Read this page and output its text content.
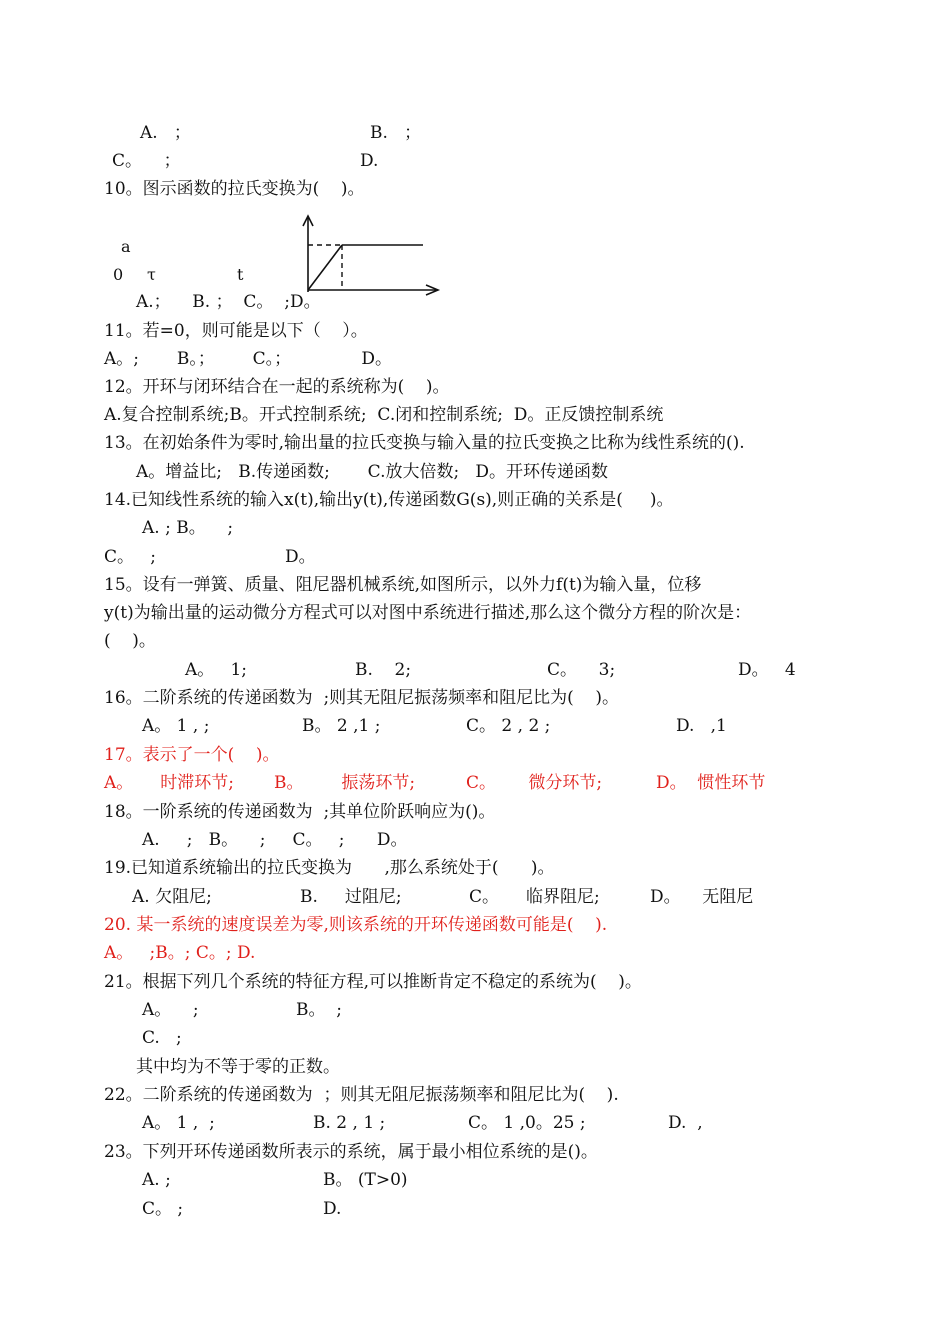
A.   ；	B.   ；
C。    ；	D.
10。图示函数的拉氏变换为(    )。
a
0 τ	t
A.；    B. ；  C。  ;D。
11。若=0，则可能是以下（    ）。
A。;       B。；       C。；             D。
12。开环与闭环结合在一起的系统称为(    )。
A.复合控制系统;B。开式控制系统;  C.闭和控制系统;  D。正反馈控制系统
13。在初始条件为零时,输出量的拉氏变换与输入量的拉氏变换之比称为线性系统的().
A。增益比;   B.传递函数;       C.放大倍数;   D。开环传递函数
14.已知线性系统的输入x(t),输出y(t),传递函数G(s),则正确的关系是(     )。
A. ; B。    ;
C。   ;	D。
15。设有一弹簧、质量、阻尼器机械系统,如图所示，以外力f(t)为输入量，位移
y(t)为输出量的运动微分方程式可以对图中系统进行描述,那么这个微分方程的阶次是：
(    )。
A。   1;	B.    2;	C。    3;	D。   4
16。二阶系统的传递函数为  ;则其无阻尼振荡频率和阻尼比为(    )。
A。 1 , ;	B。 2 ,1 ;	C。 2 , 2 ;	D.   ,1
17。表示了一个(    )。
A。     时滞环节; B。       振荡环节;	C。      微分环节;	D。  惯性环节
18。一阶系统的传递函数为  ;其单位阶跃响应为()。
A.     ;   B。    ;     C。   ;      D。
19.已知道系统输出的拉氏变换为      ,那么系统处于(      )。
A. 欠阻尼;	B.     过阻尼;	C。     临界阻尼;	D。    无阻尼
20. 某一系统的速度误差为零,则该系统的开环传递函数可能是(    ).
A。   ;B。; C。; D.
21。根据下列几个系统的特征方程,可以推断肯定不稳定的系统为(    )。
A。    ;	B。  ;
C.   ;
其中均为不等于零的正数。
22。二阶系统的传递函数为  ；则其无阻尼振荡频率和阻尼比为(    ).
A。 1 ,  ;	B. 2 , 1 ;	C。 1 ,0。25 ;	D.  ,
23。下列开环传递函数所表示的系统，属于最小相位系统的是()。
A. ;	B。 (T>0)
C。 ;	D.
